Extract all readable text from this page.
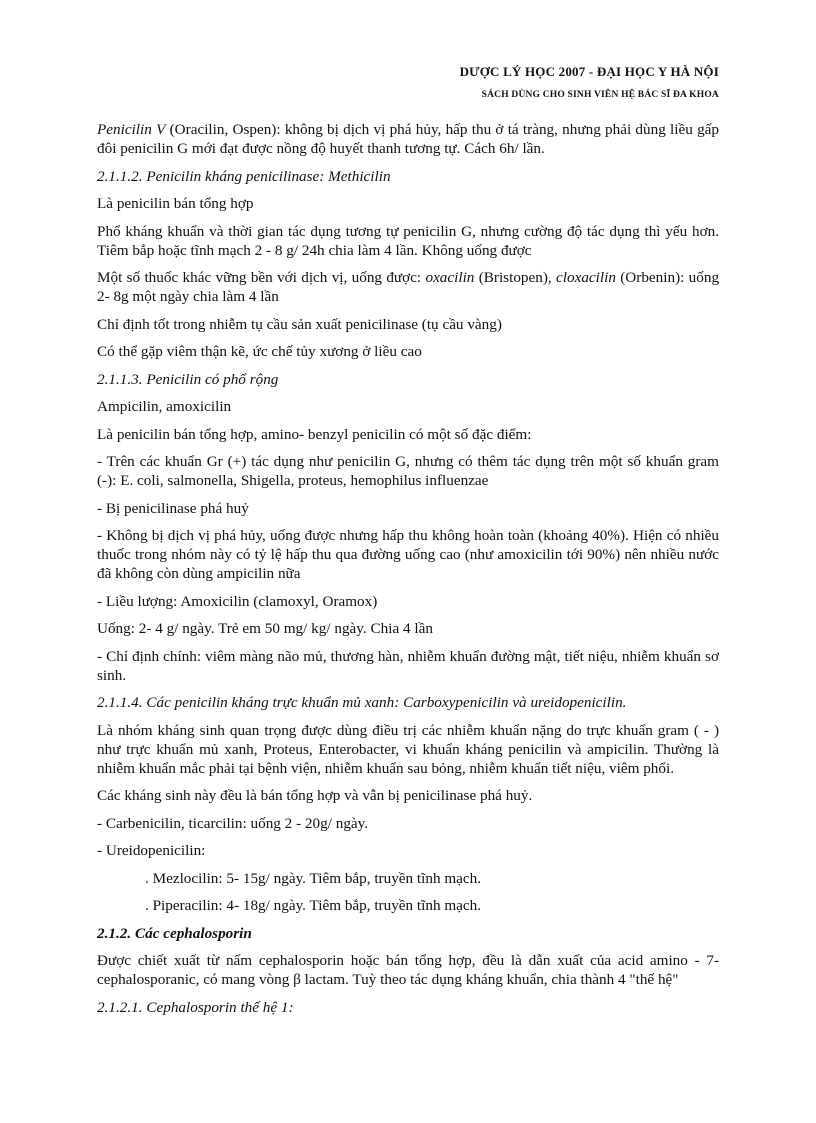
DƯỢC LÝ HỌC 2007 - ĐẠI HỌC Y HÀ NỘI
SÁCH DÙNG CHO SINH VIÊN HỆ BÁC SĨ ĐA KHOA

Penicilin V (Oracilin, Ospen): không bị dịch vị phá hủy, hấp thu ở tá tràng, nhưng phải dùng liều gấp đôi penicilin G mới đạt được nồng độ huyết thanh tương tự. Cách 6h/ lần.

2.1.1.2. Penicilin kháng penicilinase: Methicilin

Là penicilin bán tổng hợp

Phổ kháng khuẩn và thời gian tác dụng tương tự penicilin G, nhưng cường độ tác dụng thì yếu hơn. Tiêm bắp hoặc tĩnh mạch 2 - 8 g/ 24h chia làm 4 lần. Không uống được

Một số thuốc khác vững bền với dịch vị, uống được: oxacilin (Bristopen), cloxacilin (Orbenin): uống 2- 8g một ngày chia làm 4 lần

Chỉ định tốt trong nhiễm tụ cầu sản xuất penicilinase (tụ cầu vàng)

Có thể gặp viêm thận kẽ, ức chế tủy xương ở liều cao

2.1.1.3. Penicilin có phổ rộng

Ampicilin, amoxicilin

Là penicilin bán tổng hợp, amino- benzyl penicilin có một số đặc điểm:

- Trên các khuẩn Gr (+) tác dụng như penicilin G, nhưng có thêm tác dụng trên một số khuẩn gram (-): E. coli, salmonella, Shigella, proteus, hemophilus influenzae

- Bị penicilinase phá huỷ

- Không bị dịch vị phá hủy, uống được nhưng hấp thu không hoàn toàn (khoảng 40%). Hiện có nhiều thuốc trong nhóm này có tỷ lệ hấp thu qua đường uống cao (như amoxicilin tới 90%) nên nhiều nước đã không còn dùng ampicilin nữa

- Liều lượng: Amoxicilin (clamoxyl, Oramox)

Uống: 2- 4 g/ ngày. Trẻ em 50 mg/ kg/ ngày. Chia 4 lần

- Chỉ định chính: viêm màng não mủ, thương hàn, nhiễm khuẩn đường mật, tiết niệu, nhiễm khuẩn sơ sinh.

2.1.1.4. Các penicilin kháng trực khuẩn mủ xanh: Carboxypenicilin và ureidopenicilin.

Là nhóm kháng sinh quan trọng được dùng điều trị các nhiễm khuẩn nặng do trực khuẩn gram ( - ) như trực khuẩn mủ xanh, Proteus, Enterobacter, vi khuẩn kháng penicilin và ampicilin. Thường là nhiễm khuẩn mắc phải tại bệnh viện, nhiễm khuẩn sau bỏng, nhiễm khuẩn tiết niệu, viêm phổi.

Các kháng sinh này đều là bán tổng hợp và vẫn bị penicilinase phá huỷ.

- Carbenicilin, ticarcilin: uống 2 - 20g/ ngày.

- Ureidopenicilin:

. Mezlocilin: 5- 15g/ ngày. Tiêm bắp, truyền tĩnh mạch.

. Piperacilin: 4- 18g/ ngày. Tiêm bắp, truyền tĩnh mạch.

2.1.2. Các cephalosporin

Được chiết xuất từ nấm cephalosporin hoặc bán tổng hợp, đều là dẫn xuất của acid amino - 7- cephalosporanic, có mang vòng β lactam. Tuỳ theo tác dụng kháng khuẩn, chia thành 4 "thế hệ"

2.1.2.1. Cephalosporin thế hệ 1:
